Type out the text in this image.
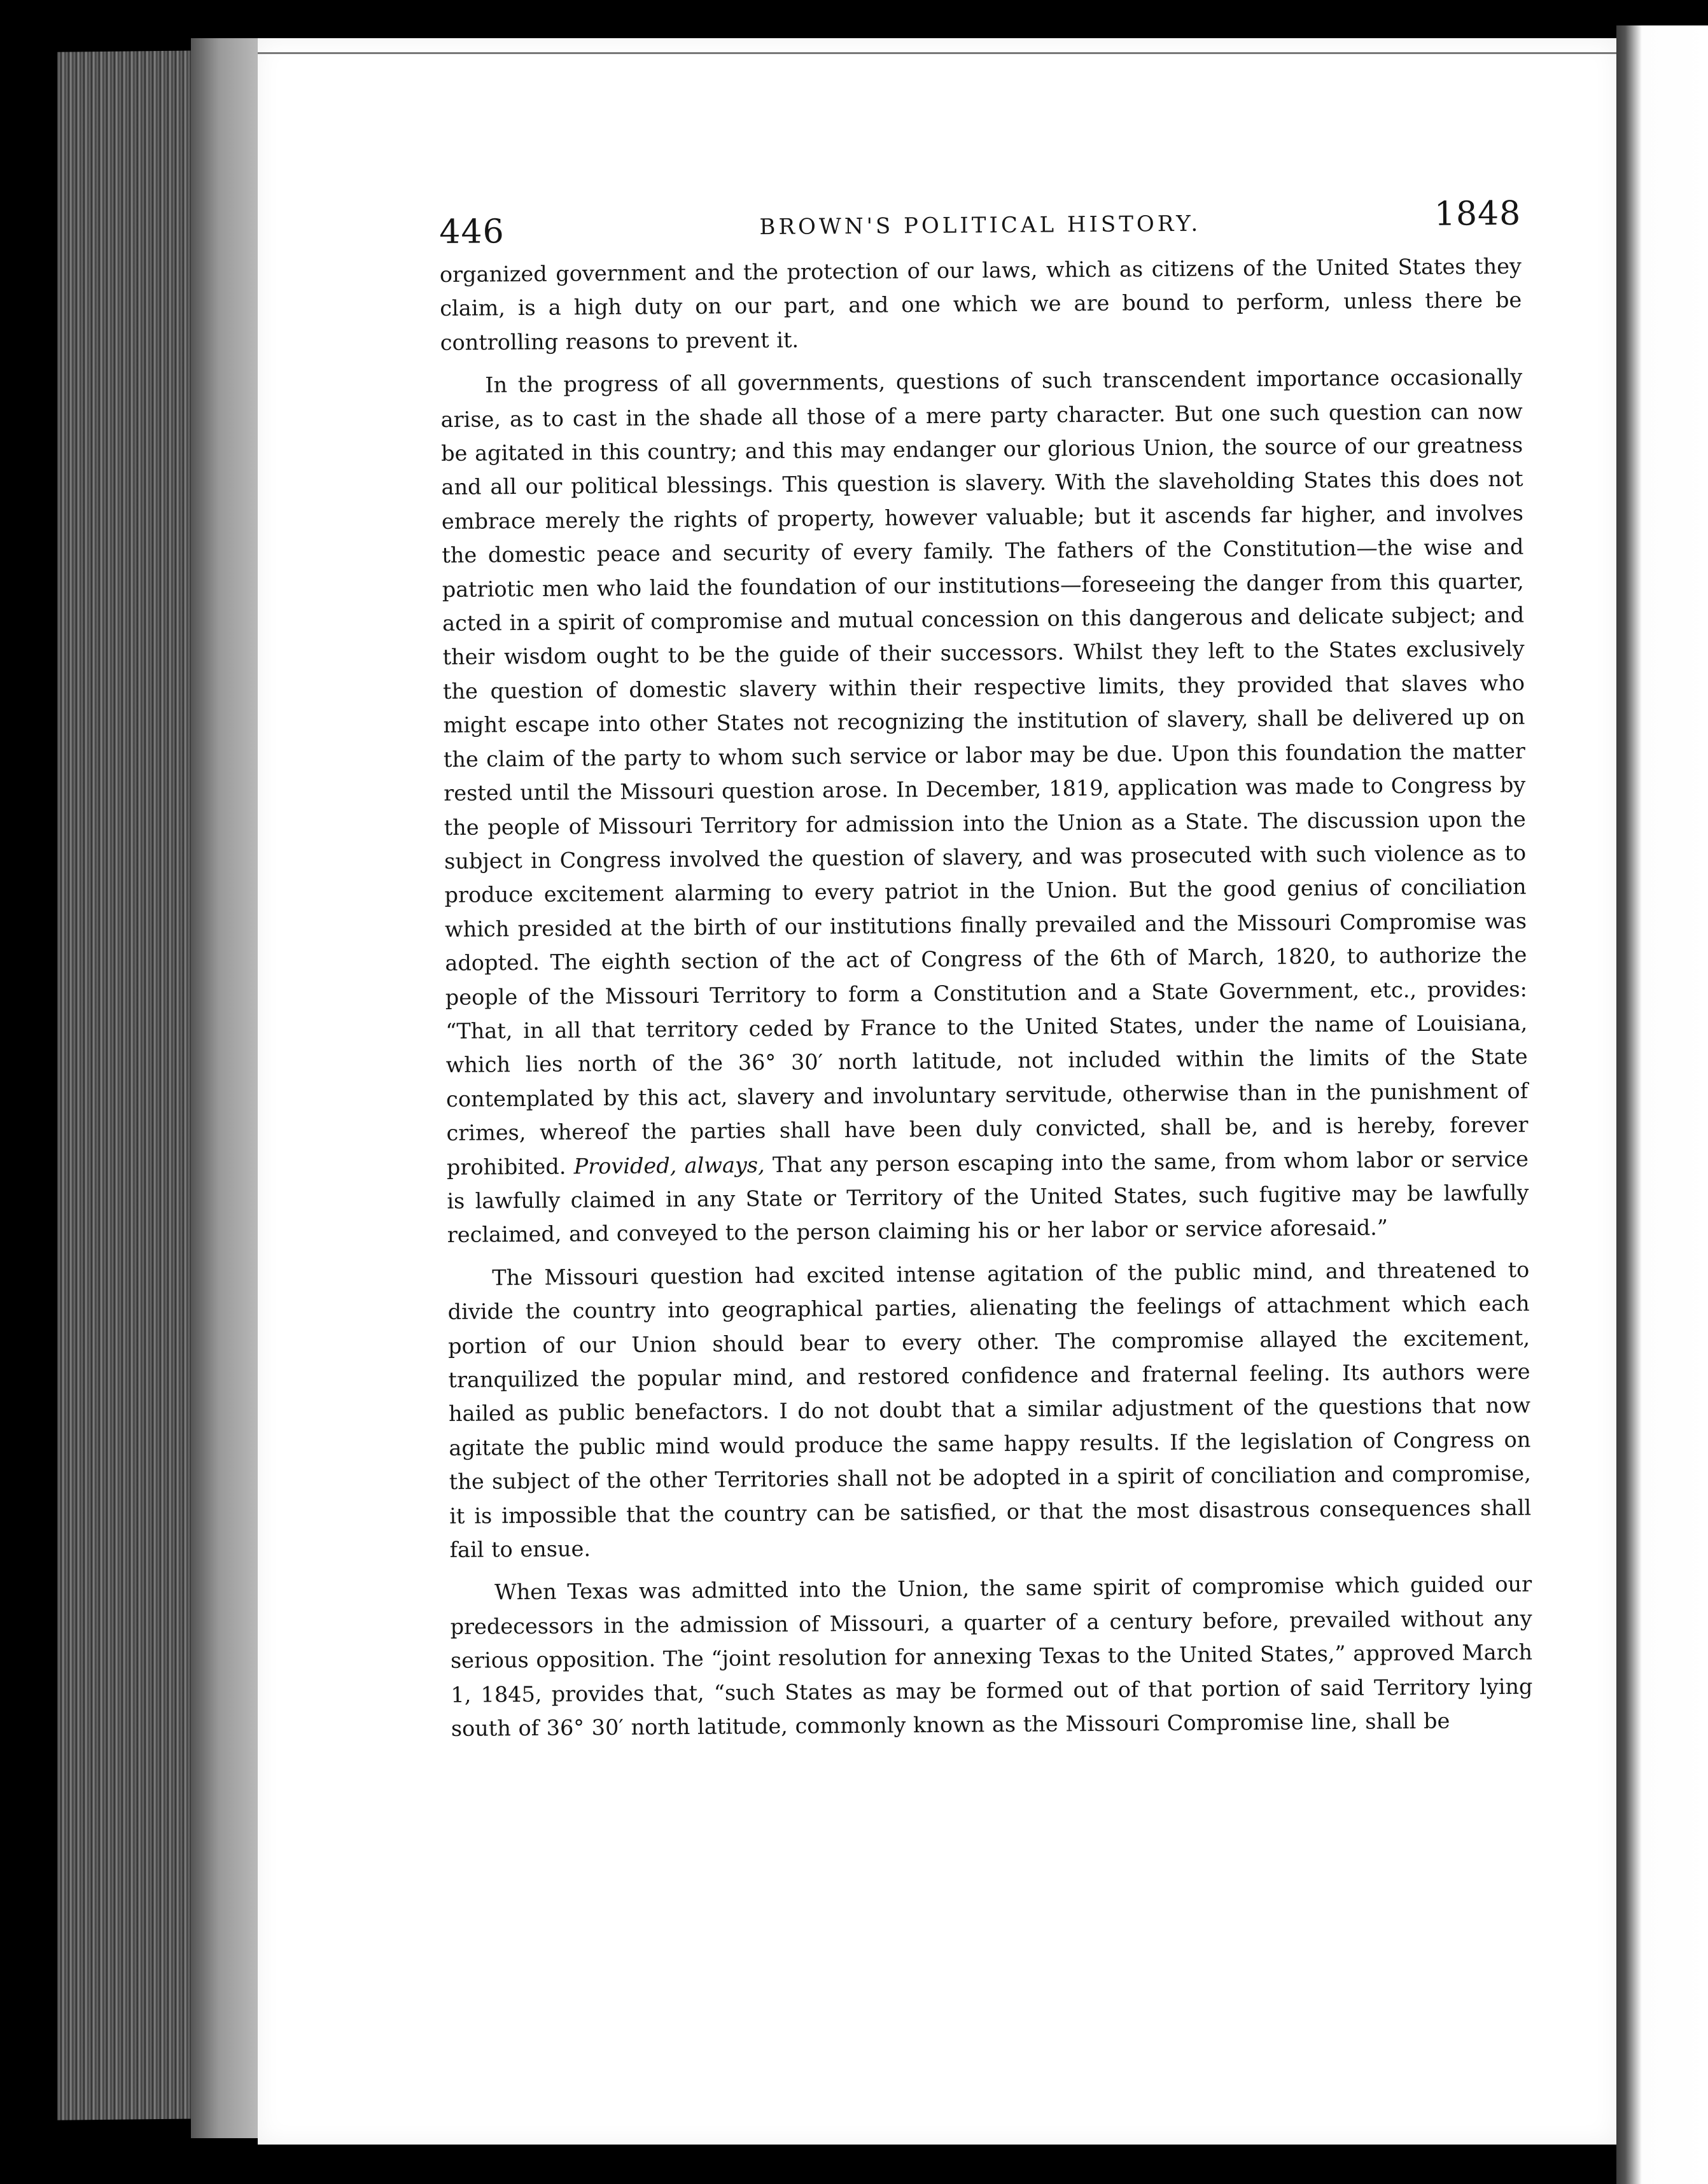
446	BROWN'S POLITICAL HISTORY.	1848

organized government and the protection of our laws, which as citizens of the United States they claim, is a high duty on our part, and one which we are bound to perform, unless there be controlling reasons to prevent it.

In the progress of all governments, questions of such transcendent importance occasionally arise, as to cast in the shade all those of a mere party character. But one such question can now be agitated in this country; and this may endanger our glorious Union, the source of our greatness and all our political blessings. This question is slavery. With the slaveholding States this does not embrace merely the rights of property, however valuable; but it ascends far higher, and involves the domestic peace and security of every family. The fathers of the Constitution—the wise and patriotic men who laid the foundation of our institutions—foreseeing the danger from this quarter, acted in a spirit of compromise and mutual concession on this dangerous and delicate subject; and their wisdom ought to be the guide of their successors. Whilst they left to the States exclusively the question of domestic slavery within their respective limits, they provided that slaves who might escape into other States not recognizing the institution of slavery, shall be delivered up on the claim of the party to whom such service or labor may be due. Upon this foundation the matter rested until the Missouri question arose. In December, 1819, application was made to Congress by the people of Missouri Territory for admission into the Union as a State. The discussion upon the subject in Congress involved the question of slavery, and was prosecuted with such violence as to produce excitement alarming to every patriot in the Union. But the good genius of conciliation which presided at the birth of our institutions finally prevailed and the Missouri Compromise was adopted. The eighth section of the act of Congress of the 6th of March, 1820, to authorize the people of the Missouri Territory to form a Constitution and a State Government, etc., provides: “That, in all that territory ceded by France to the United States, under the name of Louisiana, which lies north of the 36° 30′ north latitude, not included within the limits of the State contemplated by this act, slavery and involuntary servitude, otherwise than in the punishment of crimes, whereof the parties shall have been duly convicted, shall be, and is hereby, forever prohibited. Provided, always, That any person escaping into the same, from whom labor or service is lawfully claimed in any State or Territory of the United States, such fugitive may be lawfully reclaimed, and conveyed to the person claiming his or her labor or service aforesaid.”

The Missouri question had excited intense agitation of the public mind, and threatened to divide the country into geographical parties, alienating the feelings of attachment which each portion of our Union should bear to every other. The compromise allayed the excitement, tranquilized the popular mind, and restored confidence and fraternal feeling. Its authors were hailed as public benefactors. I do not doubt that a similar adjustment of the questions that now agitate the public mind would produce the same happy results. If the legislation of Congress on the subject of the other Territories shall not be adopted in a spirit of conciliation and compromise, it is impossible that the country can be satisfied, or that the most disastrous consequences shall fail to ensue.

When Texas was admitted into the Union, the same spirit of compromise which guided our predecessors in the admission of Missouri, a quarter of a century before, prevailed without any serious opposition. The “joint resolution for annexing Texas to the United States,” approved March 1, 1845, provides that, “such States as may be formed out of that portion of said Territory lying south of 36° 30′ north latitude, commonly known as the Missouri Compromise line, shall be
